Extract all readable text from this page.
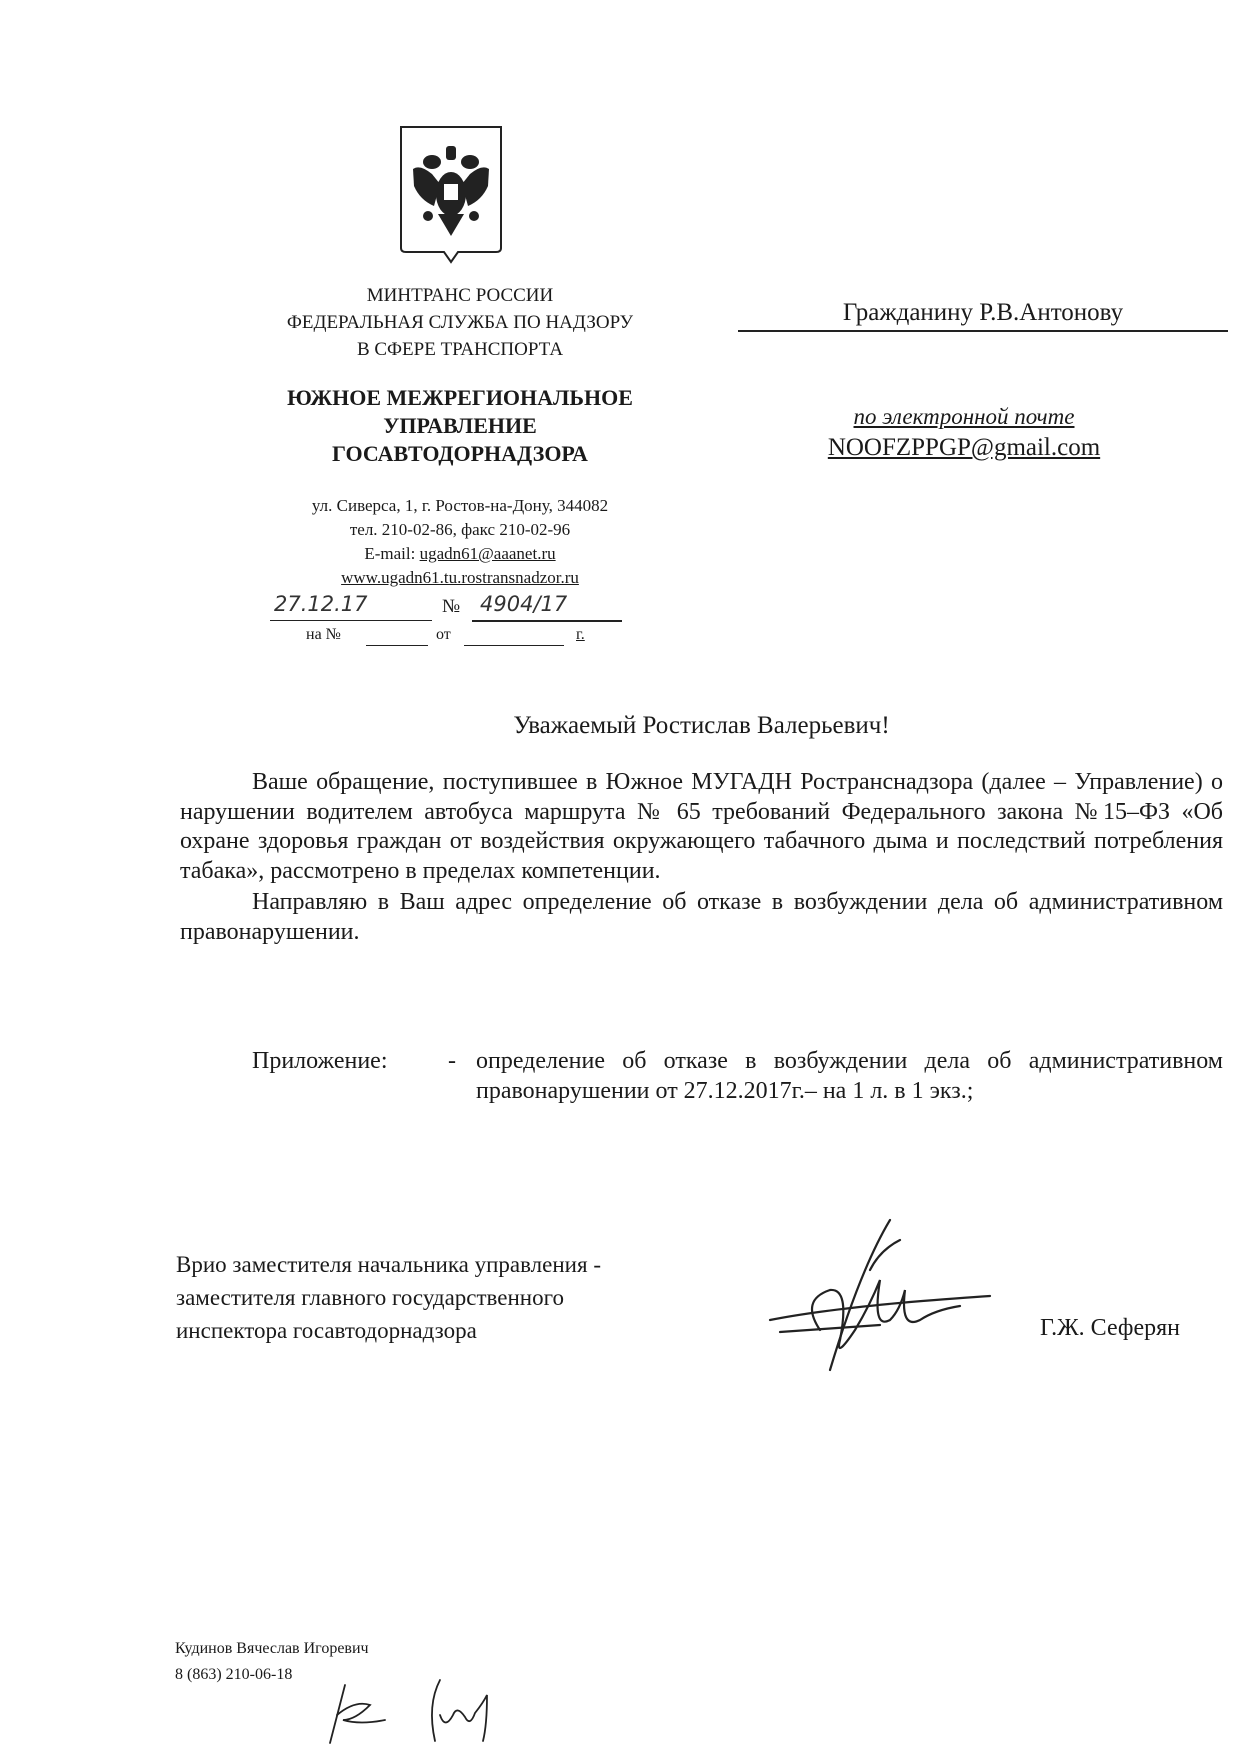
МИНТРАНС РОССИИ
ФЕДЕРАЛЬНАЯ СЛУЖБА ПО НАДЗОРУ
В СФЕРЕ ТРАНСПОРТА
ЮЖНОЕ МЕЖРЕГИОНАЛЬНОЕ
УПРАВЛЕНИЕ
ГОСАВТОДОРНАДЗОРА
ул. Сиверса, 1, г. Ростов-на-Дону, 344082
тел. 210-02-86, факс 210-02-96
E-mail: ugadn61@aaanet.ru
www.ugadn61.tu.rostransnadzor.ru
27.12.17	№ 4904/17
на №	от	г.
Гражданину Р.В.Антонову
по электронной почте
NOOFZPPGP@gmail.com
Уважаемый Ростислав Валерьевич!

Ваше обращение, поступившее в Южное МУГАДН Ространснадзора (далее – Управление) о нарушении водителем автобуса маршрута № 65 требований Федерального закона №15–ФЗ «Об охране здоровья граждан от воздействия окружающего табачного дыма и последствий потребления табака», рассмотрено в пределах компетенции.

Направляю в Ваш адрес определение об отказе в возбуждении дела об административном правонарушении.

Приложение:	- определение об отказе в возбуждении дела об административном правонарушении от 27.12.2017г.– на 1 л. в 1 экз.;
Врио заместителя начальника управления -
заместителя главного государственного
инспектора госавтодорнадзора	Г.Ж. Сеферян
Кудинов Вячеслав Игоревич
8 (863) 210-06-18
